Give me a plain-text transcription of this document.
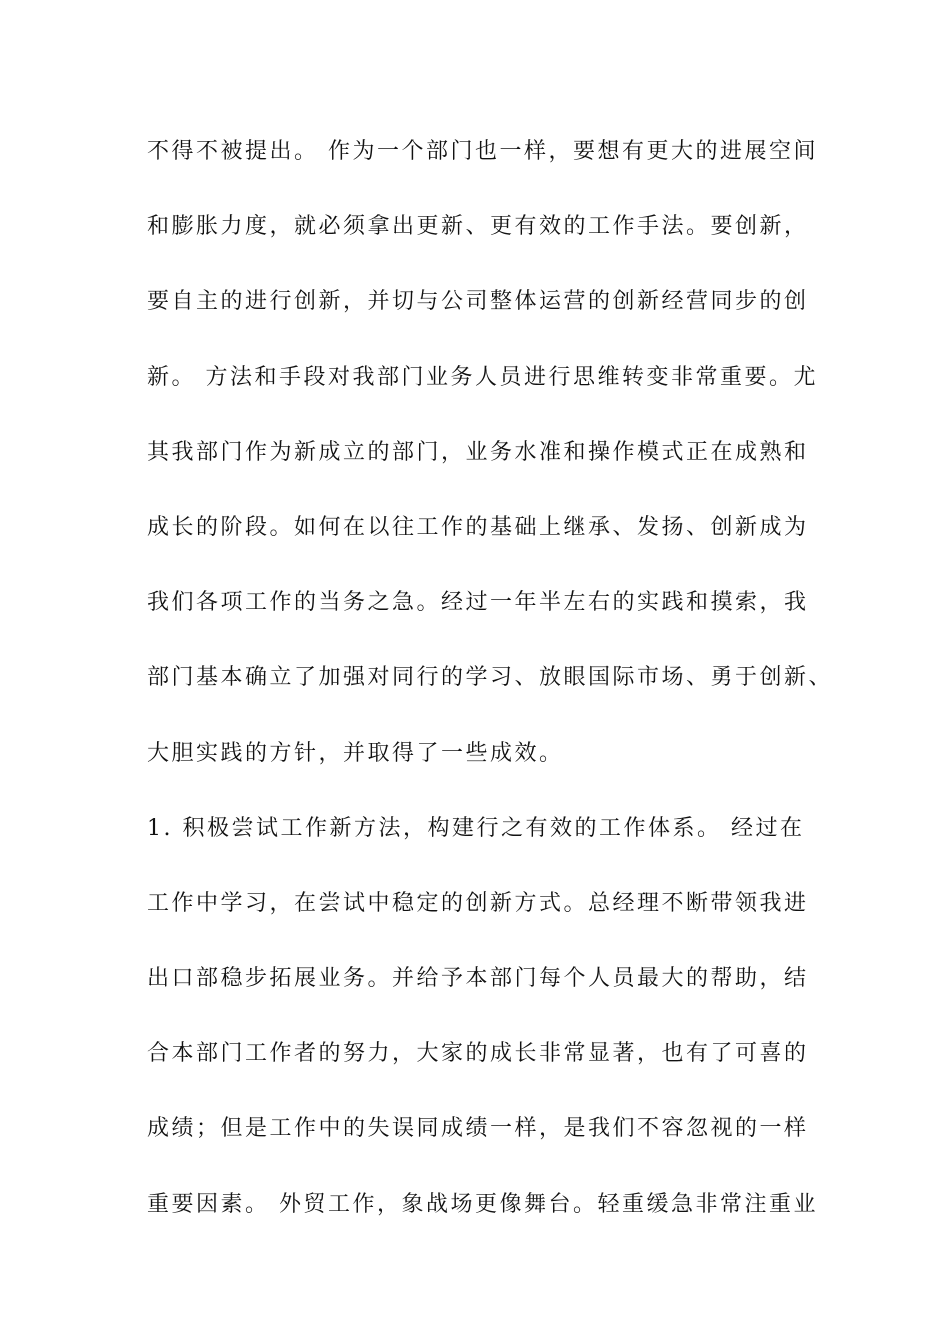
不得不被提出。 作为一个部门也一样，要想有更大的进展空间
和膨胀力度，就必须拿出更新、更有效的工作手法。要创新，
要自主的进行创新，并切与公司整体运营的创新经营同步的创
新。 方法和手段对我部门业务人员进行思维转变非常重要。尤
其我部门作为新成立的部门，业务水准和操作模式正在成熟和
成长的阶段。如何在以往工作的基础上继承、发扬、创新成为
我们各项工作的当务之急。经过一年半左右的实践和摸索，我
部门基本确立了加强对同行的学习、放眼国际市场、勇于创新、
大胆实践的方针，并取得了一些成效。
1. 积极尝试工作新方法，构建行之有效的工作体系。 经过在
工作中学习，在尝试中稳定的创新方式。总经理不断带领我进
出口部稳步拓展业务。并给予本部门每个人员最大的帮助，结
合本部门工作者的努力，大家的成长非常显著，也有了可喜的
成绩；但是工作中的失误同成绩一样，是我们不容忽视的一样
重要因素。 外贸工作，象战场更像舞台。轻重缓急非常注重业
